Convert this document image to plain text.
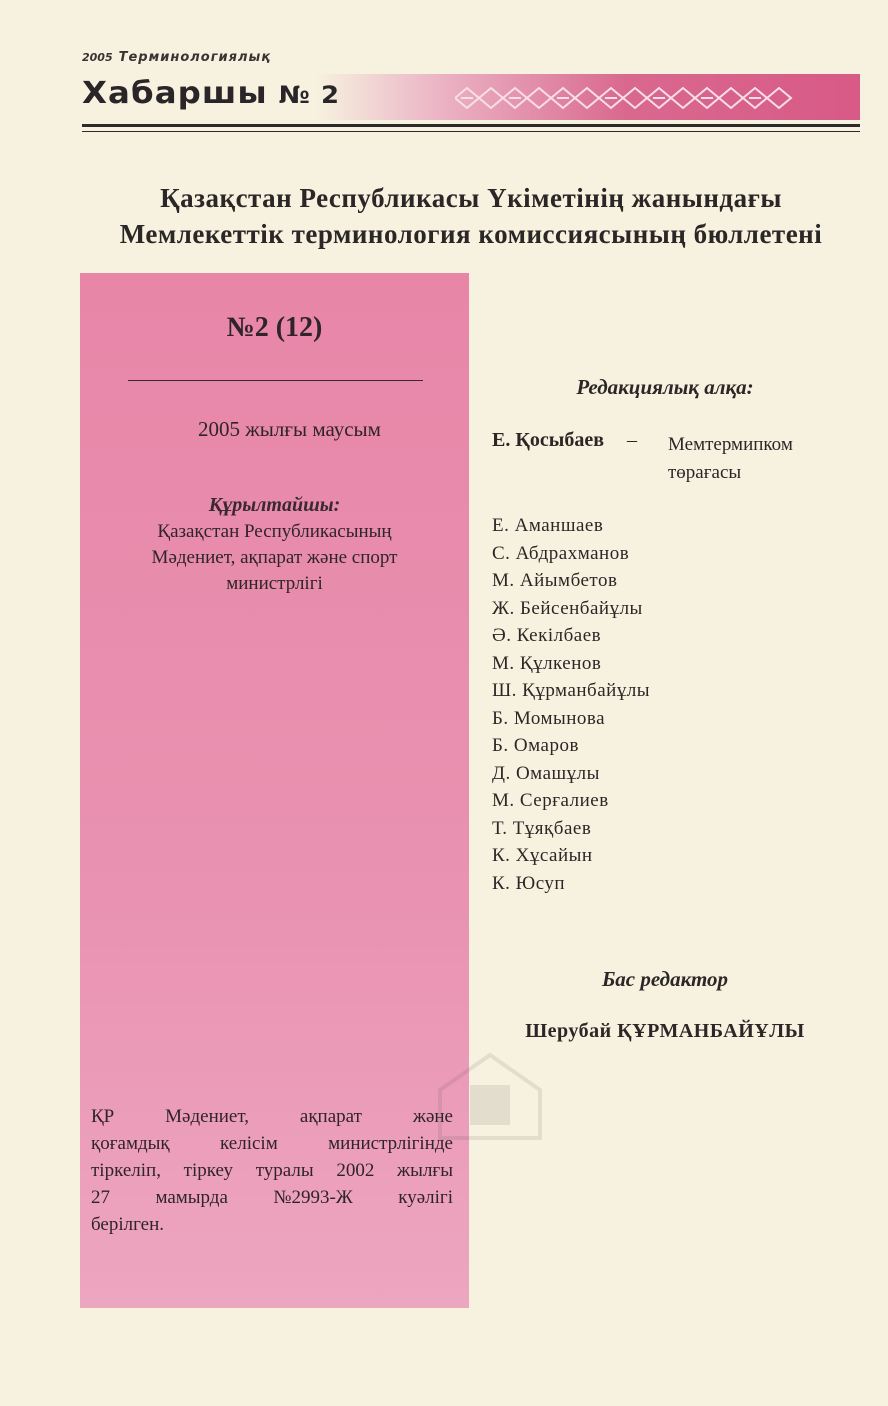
2005 Терминологиялық
Хабаршы № 2
Қазақстан Республикасы Үкіметінің жанындағы
Мемлекеттік терминология комиссиясының бюллетені
№2 (12)
2005 жылғы маусым
Құрылтайшы:
Қазақстан Республикасының
Мәдениет, ақпарат және спорт
министрлігі
ҚР	Мәдениет,	ақпарат	және
қоғамдық	келісім	министрлігінде
тіркеліп, тіркеу туралы 2002 жылғы
27 мамырда №2993-Ж куәлігі
берілген.
Редакциялық алқа:
Е. Қосыбаев – Мемтермипком
төрағасы
Е. Аманшаев
С. Абдрахманов
М. Айымбетов
Ж. Бейсенбайұлы
Ә. Кекілбаев
М. Құлкенов
Ш. Құрманбайұлы
Б. Момынова
Б. Омаров
Д. Омашұлы
М. Серғалиев
Т. Тұяқбаев
К. Хұсайын
К. Юсуп
Бас редактор
Шерубай ҚҰРМАНБАЙҰЛЫ
